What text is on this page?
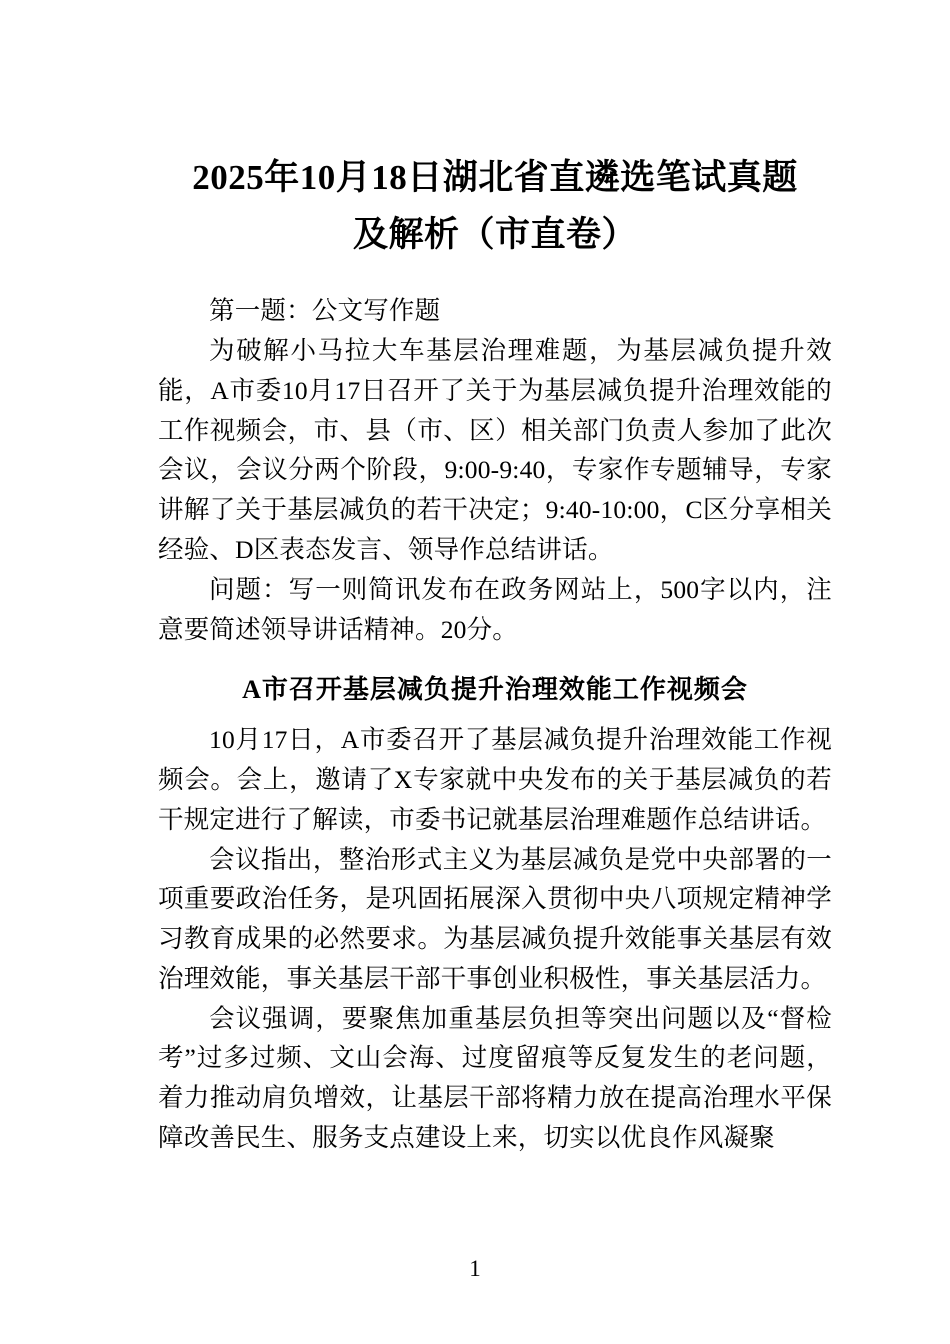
2025年10月18日湖北省直遴选笔试真题
及解析（市直卷）

第一题：公文写作题

为破解小马拉大车基层治理难题，为基层减负提升效能，A市委10月17日召开了关于为基层减负提升治理效能的工作视频会，市、县（市、区）相关部门负责人参加了此次会议，会议分两个阶段，9:00-9:40，专家作专题辅导，专家讲解了关于基层减负的若干决定；9:40-10:00，C区分享相关经验、D区表态发言、领导作总结讲话。

问题：写一则简讯发布在政务网站上，500字以内，注意要简述领导讲话精神。20分。

A市召开基层减负提升治理效能工作视频会

10月17日，A市委召开了基层减负提升治理效能工作视频会。会上，邀请了X专家就中央发布的关于基层减负的若干规定进行了解读，市委书记就基层治理难题作总结讲话。

会议指出，整治形式主义为基层减负是党中央部署的一项重要政治任务，是巩固拓展深入贯彻中央八项规定精神学习教育成果的必然要求。为基层减负提升效能事关基层有效治理效能，事关基层干部干事创业积极性，事关基层活力。

会议强调，要聚焦加重基层负担等突出问题以及“督检考”过多过频、文山会海、过度留痕等反复发生的老问题，着力推动肩负增效，让基层干部将精力放在提高治理水平保障改善民生、服务支点建设上来，切实以优良作风凝聚

1
